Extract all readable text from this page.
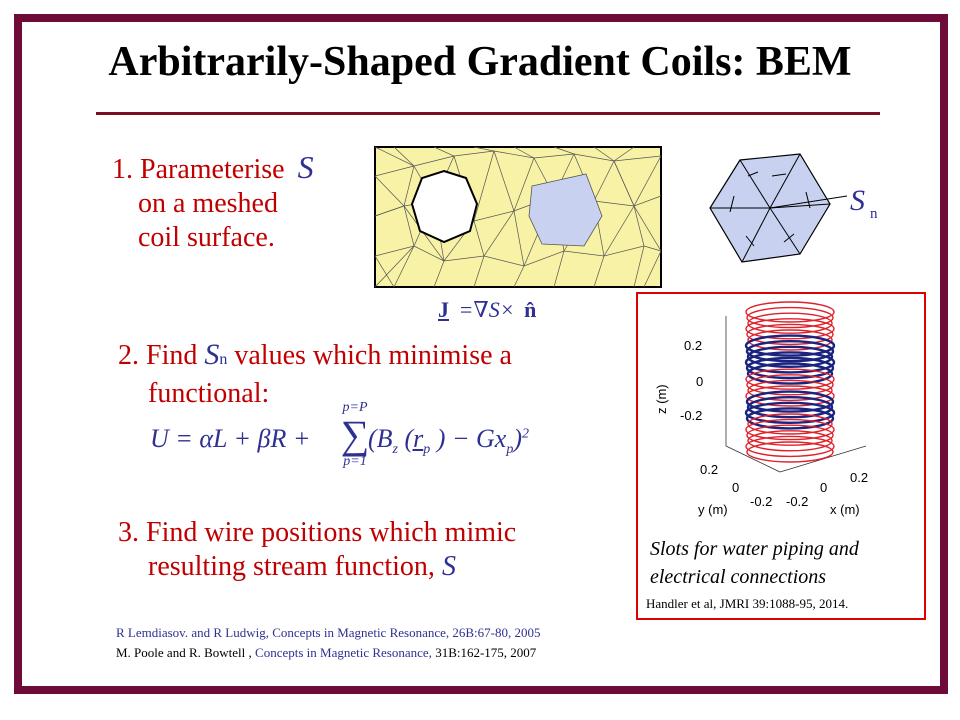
Arbitrarily-Shaped Gradient Coils: BEM
1. Parameterise S
on a meshed
coil surface.
S n
J =∇S× n̂
2. Find Sn values which minimise a
functional:
U = αL + βR +
p=P
∑
p=1
($B_z$ ($r_p$ ) − $Gx_p)^2$
3. Find wire positions which mimic
resulting stream function, S
0.2
0
-0.2
z (m)
0.2
0
-0.2
y (m)
-0.2
0
0.2
x (m)
Slots for water piping and
electrical connections
Handler et al, JMRI 39:1088-95, 2014.
R Lemdiasov. and R Ludwig, Concepts in Magnetic Resonance, 26B:67-80, 2005
M. Poole and R. Bowtell , Concepts in Magnetic Resonance, 31B:162-175, 2007
